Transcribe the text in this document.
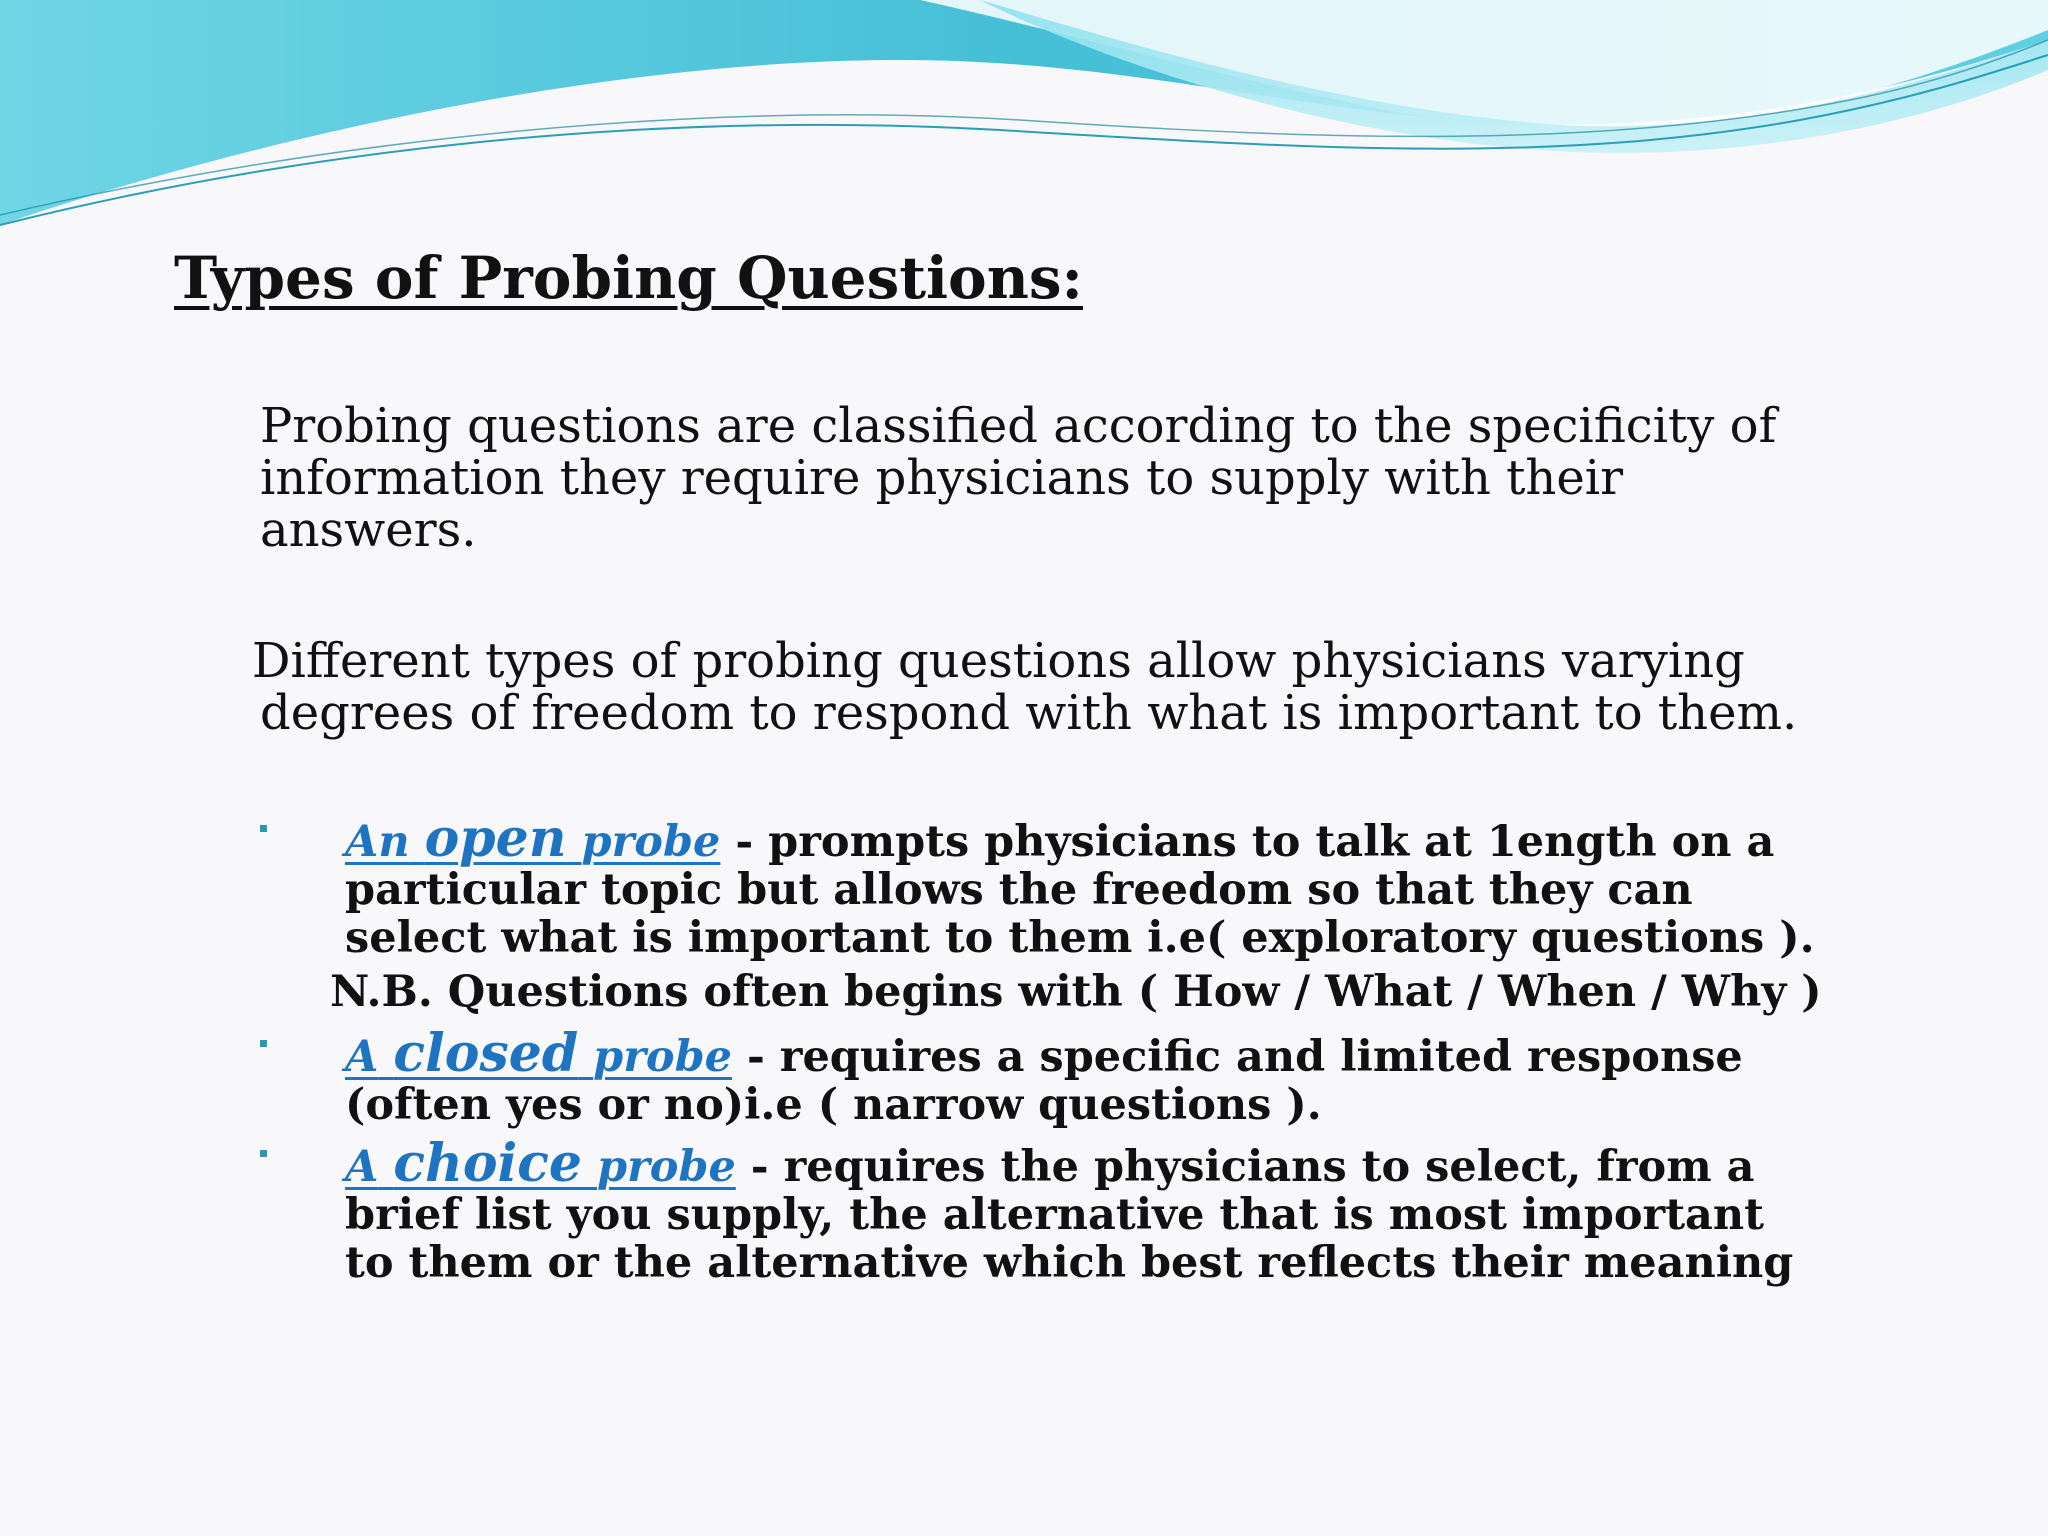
Types of Probing Questions:
Probing questions are classified according to the specificity of information they require physicians to supply with their answers.
Different types of probing questions allow physicians varying
degrees of freedom to respond with what is important to them.
An open probe - prompts physicians to talk at 1ength on a particular topic but allows the freedom so that they can select what is important to them i.e( exploratory questions ).
N.B. Questions often begins with ( How / What / When / Why )
A closed probe - requires a specific and limited response (often yes or no)i.e ( narrow questions ).
A choice probe - requires the physicians to select, from a brief list you supply, the alternative that is most important to them or the alternative which best reflects their meaning
